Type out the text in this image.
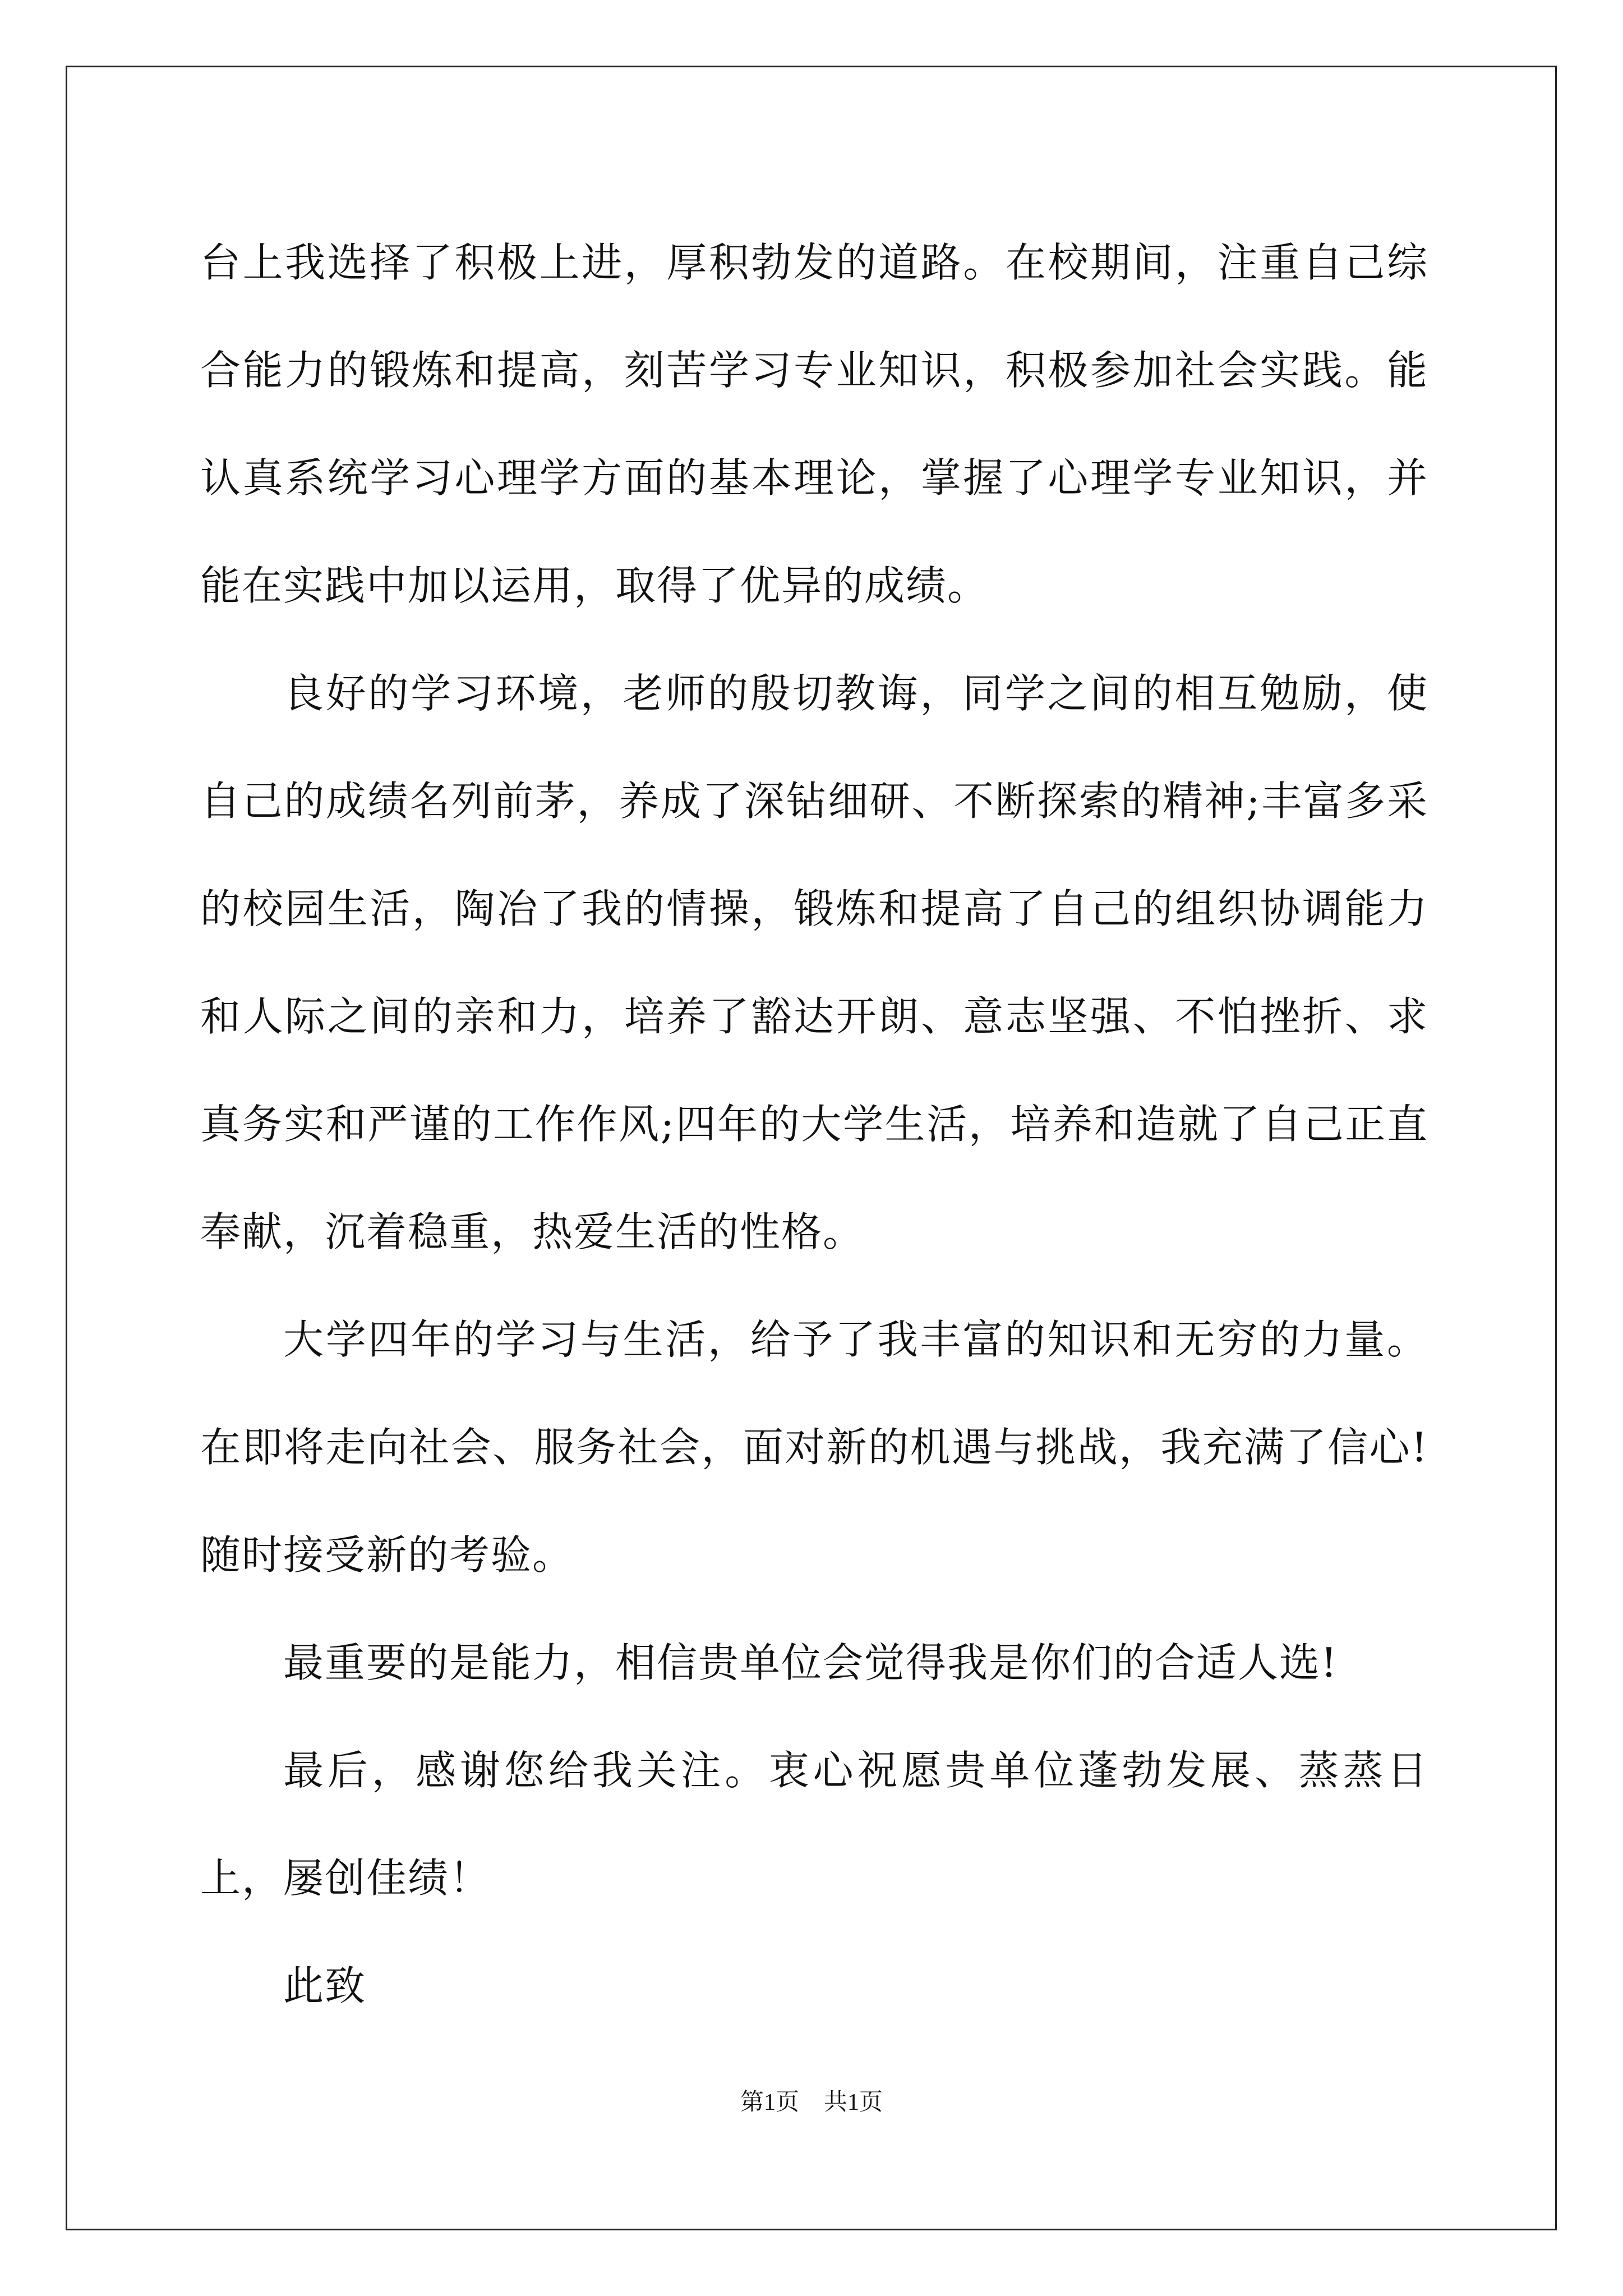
台上我选择了积极上进，厚积勃发的道路。在校期间，注重自己综合能力的锻炼和提高，刻苦学习专业知识，积极参加社会实践。能认真系统学习心理学方面的基本理论，掌握了心理学专业知识，并能在实践中加以运用，取得了优异的成绩。

良好的学习环境，老师的殷切教诲，同学之间的相互勉励，使自己的成绩名列前茅，养成了深钻细研、不断探索的精神;丰富多采的校园生活，陶冶了我的情操，锻炼和提高了自己的组织协调能力和人际之间的亲和力，培养了豁达开朗、意志坚强、不怕挫折、求真务实和严谨的工作作风;四年的大学生活，培养和造就了自己正直奉献，沉着稳重，热爱生活的性格。

大学四年的学习与生活，给予了我丰富的知识和无穷的力量。在即将走向社会、服务社会，面对新的机遇与挑战，我充满了信心!随时接受新的考验。

最重要的是能力，相信贵单位会觉得我是你们的合适人选!

最后，感谢您给我关注。衷心祝愿贵单位蓬勃发展、蒸蒸日上，屡创佳绩！

此致

第1页 共1页
